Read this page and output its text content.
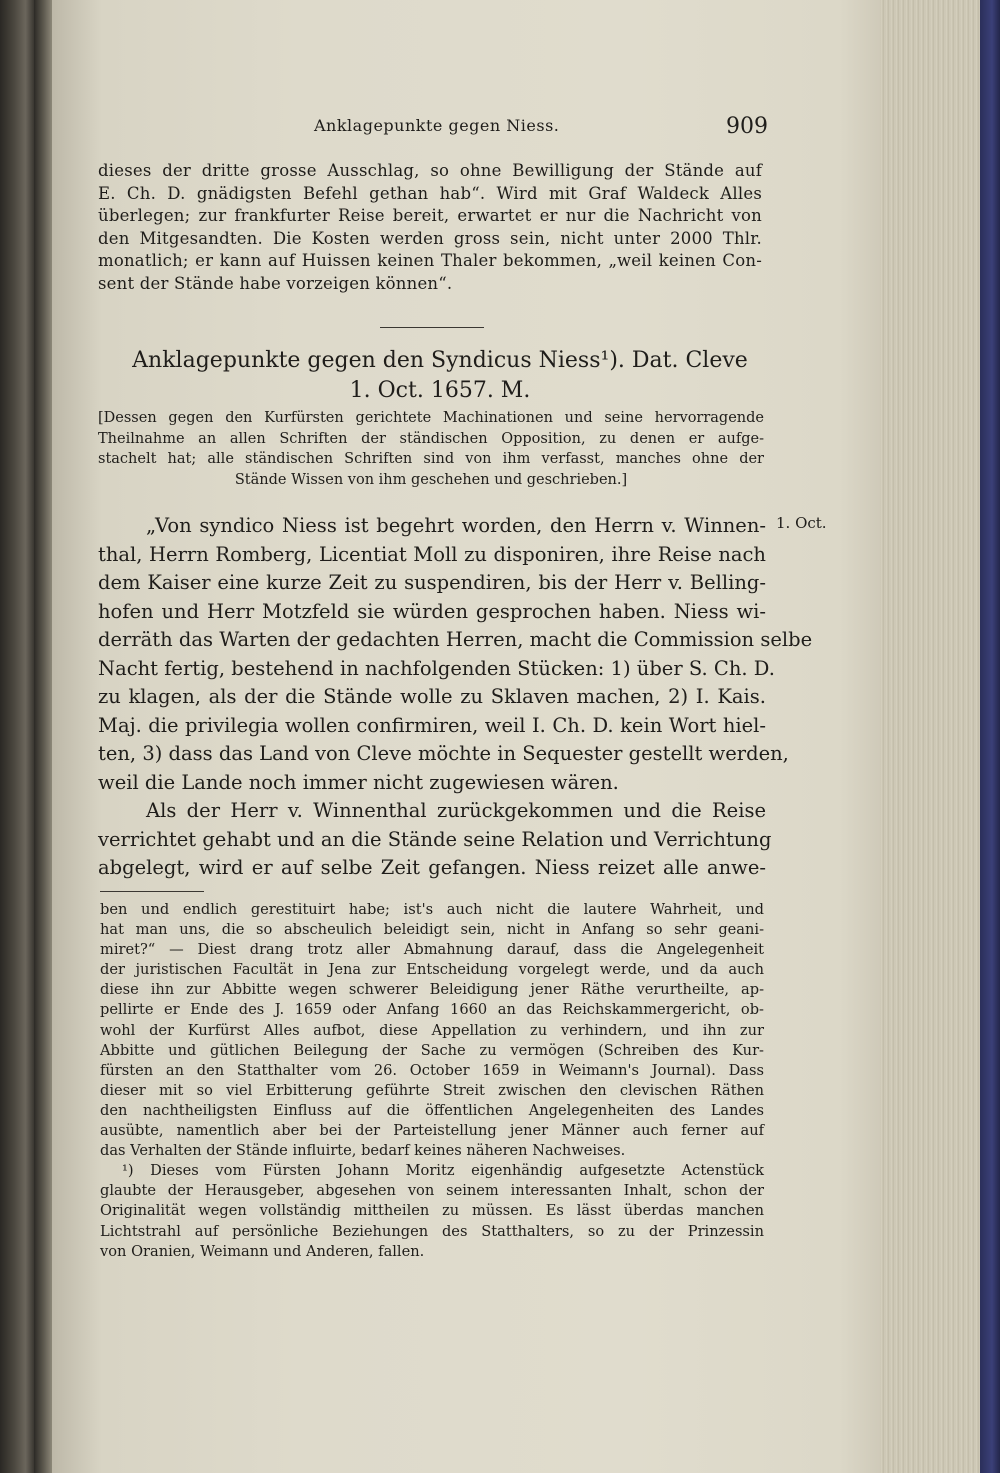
Anklagepunkte gegen Niess.	909
dieses der dritte grosse Ausschlag, so ohne Bewilligung der Stände auf
E. Ch. D. gnädigsten Befehl gethan hab“. Wird mit Graf Waldeck Alles
überlegen; zur frankfurter Reise bereit, erwartet er nur die Nachricht von
den Mitgesandten. Die Kosten werden gross sein, nicht unter 2000 Thlr.
monatlich; er kann auf Huissen keinen Thaler bekommen, „weil keinen Con-
sent der Stände habe vorzeigen können“.
Anklagepunkte gegen den Syndicus Niess¹). Dat. Cleve
1. Oct. 1657. M.
[Dessen gegen den Kurfürsten gerichtete Machinationen und seine hervorragende
Theilnahme an allen Schriften der ständischen Opposition, zu denen er aufge-
stachelt hat; alle ständischen Schriften sind von ihm verfasst, manches ohne der
Stände Wissen von ihm geschehen und geschrieben.]
1. Oct.
„Von syndico Niess ist begehrt worden, den Herrn v. Winnen-
thal, Herrn Romberg, Licentiat Moll zu disponiren, ihre Reise nach
dem Kaiser eine kurze Zeit zu suspendiren, bis der Herr v. Belling-
hofen und Herr Motzfeld sie würden gesprochen haben. Niess wi-
derräth das Warten der gedachten Herren, macht die Commission selbe
Nacht fertig, bestehend in nachfolgenden Stücken: 1) über S. Ch. D.
zu klagen, als der die Stände wolle zu Sklaven machen, 2) I. Kais.
Maj. die privilegia wollen confirmiren, weil I. Ch. D. kein Wort hiel-
ten, 3) dass das Land von Cleve möchte in Sequester gestellt werden,
weil die Lande noch immer nicht zugewiesen wären.
Als der Herr v. Winnenthal zurückgekommen und die Reise
verrichtet gehabt und an die Stände seine Relation und Verrichtung
abgelegt, wird er auf selbe Zeit gefangen. Niess reizet alle anwe-
ben und endlich gerestituirt habe; ist's auch nicht die lautere Wahrheit, und
hat man uns, die so abscheulich beleidigt sein, nicht in Anfang so sehr geani-
miret?“ — Diest drang trotz aller Abmahnung darauf, dass die Angelegenheit
der juristischen Facultät in Jena zur Entscheidung vorgelegt werde, und da auch
diese ihn zur Abbitte wegen schwerer Beleidigung jener Räthe verurtheilte, ap-
pellirte er Ende des J. 1659 oder Anfang 1660 an das Reichskammergericht, ob-
wohl der Kurfürst Alles aufbot, diese Appellation zu verhindern, und ihn zur
Abbitte und gütlichen Beilegung der Sache zu vermögen (Schreiben des Kur-
fürsten an den Statthalter vom 26. October 1659 in Weimann's Journal). Dass
dieser mit so viel Erbitterung geführte Streit zwischen den clevischen Räthen
den nachtheiligsten Einfluss auf die öffentlichen Angelegenheiten des Landes
ausübte, namentlich aber bei der Parteistellung jener Männer auch ferner auf
das Verhalten der Stände influirte, bedarf keines näheren Nachweises.
¹) Dieses vom Fürsten Johann Moritz eigenhändig aufgesetzte Actenstück
glaubte der Herausgeber, abgesehen von seinem interessanten Inhalt, schon der
Originalität wegen vollständig mittheilen zu müssen. Es lässt überdas manchen
Lichtstrahl auf persönliche Beziehungen des Statthalters, so zu der Prinzessin
von Oranien, Weimann und Anderen, fallen.
